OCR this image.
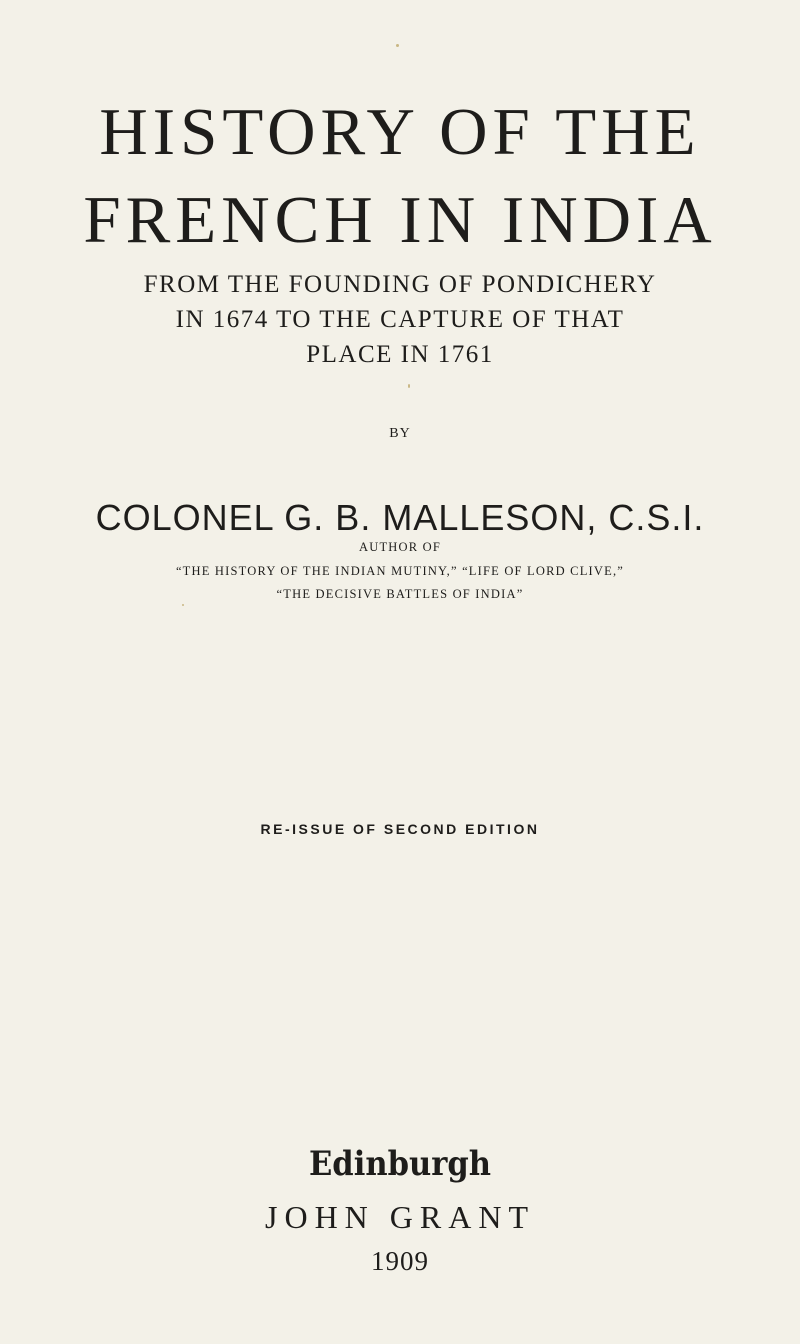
HISTORY OF THE
FRENCH IN INDIA
FROM THE FOUNDING OF PONDICHERY
IN 1674 TO THE CAPTURE OF THAT
PLACE IN 1761
BY
COLONEL G. B. MALLESON, C.S.I.
AUTHOR OF
“THE HISTORY OF THE INDIAN MUTINY,” “LIFE OF LORD CLIVE,”
“THE DECISIVE BATTLES OF INDIA”
RE-ISSUE OF SECOND EDITION
Edinburgh
JOHN GRANT
1909
